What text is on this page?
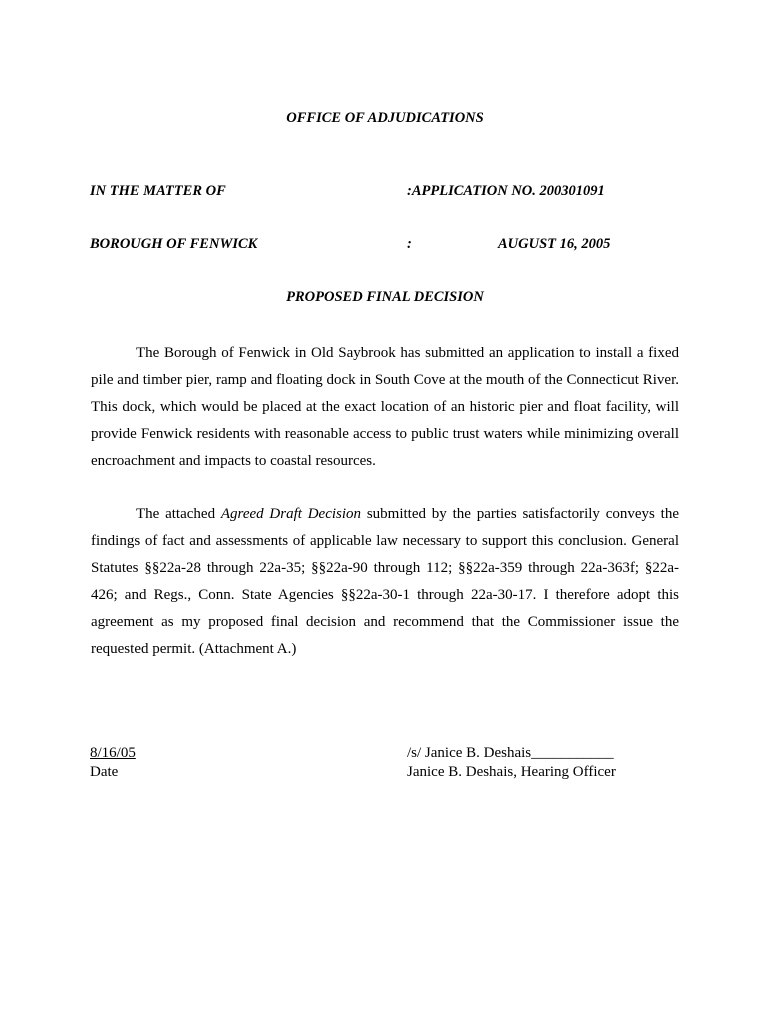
OFFICE OF ADJUDICATIONS
IN THE MATTER OF	:APPLICATION NO. 200301091
BOROUGH OF FENWICK	:	AUGUST 16, 2005
PROPOSED FINAL DECISION

The Borough of Fenwick in Old Saybrook has submitted an application to install a fixed pile and timber pier, ramp and floating dock in South Cove at the mouth of the Connecticut River. This dock, which would be placed at the exact location of an historic pier and float facility, will provide Fenwick residents with reasonable access to public trust waters while minimizing overall encroachment and impacts to coastal resources.

The attached Agreed Draft Decision submitted by the parties satisfactorily conveys the findings of fact and assessments of applicable law necessary to support this conclusion. General Statutes §§22a-28 through 22a-35; §§22a-90 through 112; §§22a-359 through 22a-363f; §22a-426; and Regs., Conn. State Agencies §§22a-30-1 through 22a-30-17. I therefore adopt this agreement as my proposed final decision and recommend that the Commissioner issue the requested permit. (Attachment A.)

8/16/05
Date
/s/ Janice B. Deshais___________
Janice B. Deshais, Hearing Officer
